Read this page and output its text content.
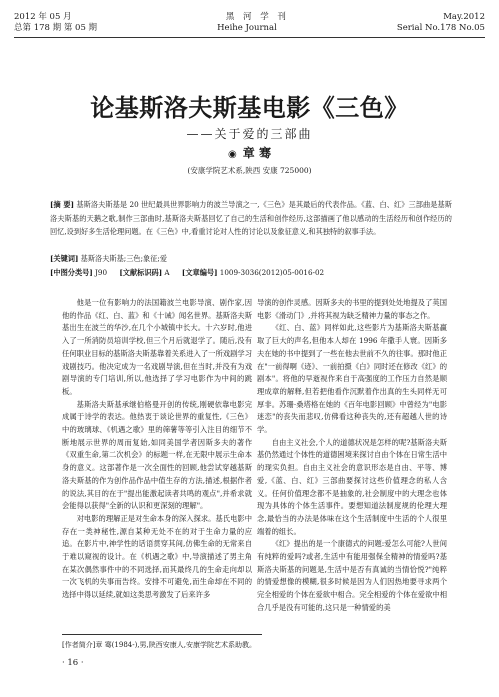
2012 年 05 月	黑 河 学 刊	May.2012
总第 178 期 第 05 期	Heihe Journal	Serial No.178 No.05
论基斯洛夫斯基电影《三色》
——关于爱的三部曲
◉ 章 骞
(安康学院艺术系,陕西 安康 725000)
[摘 要] 基斯洛夫斯基是 20 世纪最具世界影响力的波兰导演之一,《三色》是其最后的代表作品。《蓝、白、红》三部曲是基斯洛夫斯基的天鹅之歌,制作三部曲时,基斯洛夫斯基回忆了自己的生活和创作经历,这部描画了他以感动的生活经历和创作经历的回忆,设到好多生活伦理问题。在《三色》中,看重讨论对人性的讨论以及象征意义,和其独特的叙事手法。
[关键词] 基斯洛夫斯基;三色;象征;爱
[中图分类号] J90 [文献标识码] A [文章编号] 1009-3036(2012)05-0016-02

他是一位有影响力的法国籍波兰电影导演、剧作家,因他的作品《红、白、蓝》和《十诫》闻名世界。基斯洛夫斯基出生在波兰的华沙,在几个小城镇中长大。十六岁时,他进入了一所消防员培训学校,但三个月后就退学了。随后,没有任何职业目标的基斯洛夫斯基靠着关系进入了一所戏剧学习戏剧技巧。他决定成为一名戏剧导演,但在当时,并没有为戏剧导演的专门培训,所以,他选择了学习电影作为中间的跳板。

基斯洛夫斯基承继伯格曼开创的传统,刚硬依靠电影完成属于诗学的表达。他热衷于谈论世界的重复性,《三色》中的玻璃球、《机遇之歌》里的筛薯等等引入注目的细节不断地展示世界的周而复始,如同美国学者因斯多夫的著作《双重生命,第二次机会》的标题一样,在无限中展示生命本身的意义。这部著作是一次全面性的回顾,他尝试穿越基斯洛夫斯基的作为创作品作品中值生存的方法,描述,根据作者的说法,其目的在于"提出能激起读者共鸣的观点",并希求就会能得以获得"全新的认识和更深刻的理解"。

对电影的理解正是对生命本身的深入探求。基氏电影中存在一类神秘性,源自某种无处不在的对于生命力量的应追。在影片中,神学性的话语贯穿其间,仿佛生命的无常来自于难以窥视的设计。在《机遇之歌》中,导演描述了男主角在某次偶然事件中的不同选择,而其最终几的生命走向却以一次飞机的失事而告终。安排不可避免,而生命却在不同的选择中得以延续,就如这类思考激发了后来许多

导演的创作灵感。因斯多夫的书里的提到处处地提及了英国电影《滑动门》,并将其视为缺乏精神力量的事态之作。

《红、白、蓝》同样如此,这些影片为基斯洛夫斯基赢取了巨大的声名,但他本人却在 1996 年撒手人寰。因斯多夫在她的书中提到了一些在他去世前不久的往事。那时他正在"一前得啊《迹》、一前拍摄《白》同时还在修改《红》的剧本"。将他的早逝视作来自于高强度的工作压力自然是顺理成章的解释,但若把他看作沉默着作出真的生头同样无可厚非。苏珊·桑塔格在她的《百年电影回顾》中曾经为"电影迷恋"的丧失而悲叹,仿佛看这种丧失的,还有超越人世的诗学。

自由主义社会,个人的道德状况是怎样的呢?基斯洛夫斯基仍然通过个体性的道德困境来探讨自由个体在日常生活中的现实负担。自由主义社会的意识形态是自由、平等、博爱,《蓝、白、红》三部曲要探讨这些价值理念的私人含义。任何价值理念都不是抽象的,社会制度中的大理念也体现为具体的个体生活事件。要想知道法制度规的伦理大理念,最恰当的办法是体味在这个生活制度中生活的个人很里端着的组长。

《红》提出的是一个康德式的问题:爱怎么可能?人世间有纯粹的爱吗?或者,生活中有能用强保全精神的情爱吗?基斯洛夫斯基的问题是,生活中是否有真诚的当情恰悦?"纯粹的情爱想像的模糊,很多时候是因为人们因热地要寻求两个完全相爱的个体在爱欲中相合。完全相爱的个体在爱欲中相合几乎是没有可能的,这只是一种情爱的美

[作者简介]章 骞(1984-),男,陕西安康人,安康学院艺术系助教。
· 16 ·
